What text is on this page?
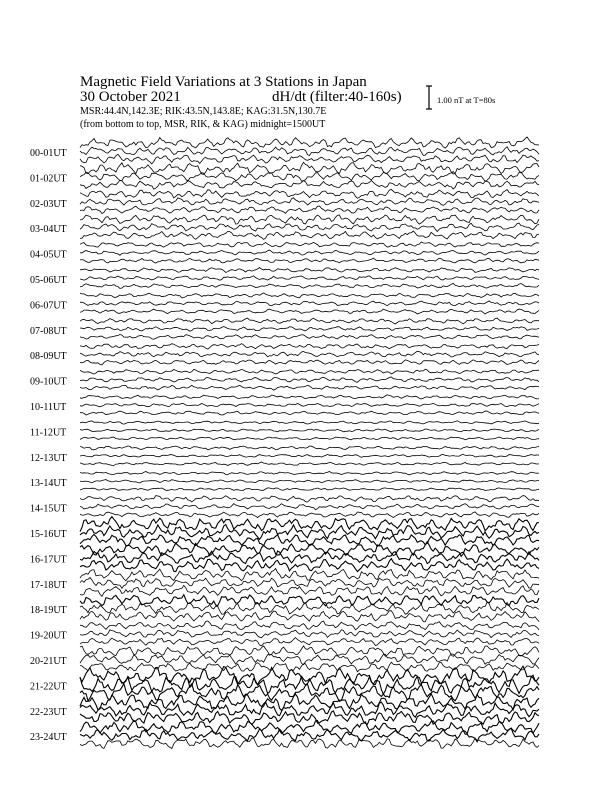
Magnetic Field Variations at 3 Stations in Japan
30 October 2021	dH/dt (filter:40-160s)
MSR:44.4N,142.3E; RIK:43.5N,143.8E; KAG:31.5N,130.7E
(from bottom to top, MSR, RIK, & KAG) midnight=1500UT
1.00 nT at T=80s
00-01UT
01-02UT
02-03UT
03-04UT
04-05UT
05-06UT
06-07UT
07-08UT
08-09UT
09-10UT
10-11UT
11-12UT
12-13UT
13-14UT
14-15UT
15-16UT
16-17UT
17-18UT
18-19UT
19-20UT
20-21UT
21-22UT
22-23UT
23-24UT
